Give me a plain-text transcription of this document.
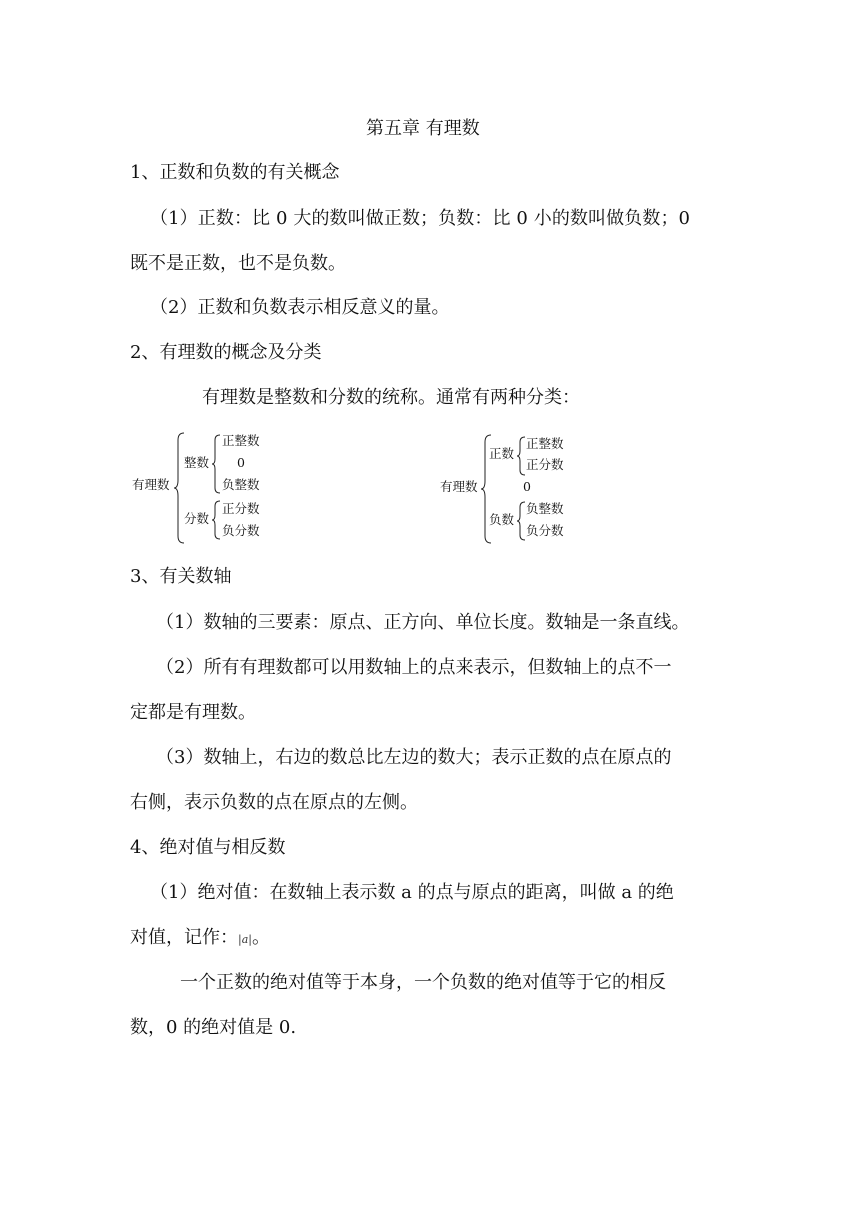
第五章 有理数
1、正数和负数的有关概念
（1）正数：比 0 大的数叫做正数；负数：比 0 小的数叫做负数；0
既不是正数，也不是负数。
（2）正数和负数表示相反意义的量。
2、有理数的概念及分类
有理数是整数和分数的统称。通常有两种分类：
有理数
整数
正整数
0
负整数
分数
正分数
负分数
有理数
正数
正整数
正分数
0
负数
负整数
负分数
3、有关数轴
（1）数轴的三要素：原点、正方向、单位长度。数轴是一条直线。
（2）所有有理数都可以用数轴上的点来表示，但数轴上的点不一
定都是有理数。
（3）数轴上，右边的数总比左边的数大；表示正数的点在原点的
右侧，表示负数的点在原点的左侧。
4、绝对值与相反数
（1）绝对值：在数轴上表示数 a 的点与原点的距离，叫做 a 的绝
对值，记作：|a|。
一个正数的绝对值等于本身，一个负数的绝对值等于它的相反
数，0 的绝对值是 0.
